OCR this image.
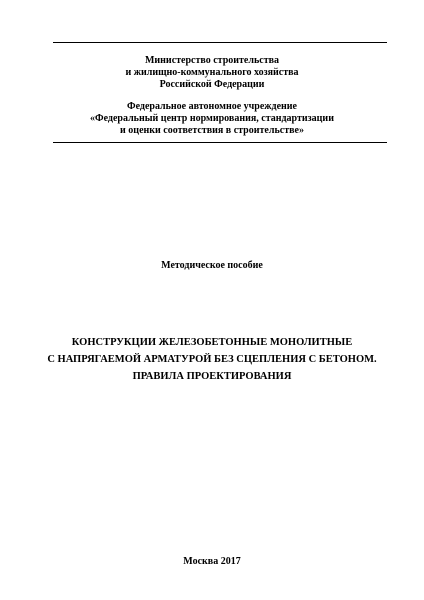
Министерство строительства
и жилищно-коммунального хозяйства
Российской Федерации
Федеральное автономное учреждение
«Федеральный центр нормирования, стандартизации
и оценки соответствия в строительстве»
Методическое пособие
КОНСТРУКЦИИ ЖЕЛЕЗОБЕТОННЫЕ МОНОЛИТНЫЕ
С НАПРЯГАЕМОЙ АРМАТУРОЙ БЕЗ СЦЕПЛЕНИЯ С БЕТОНОМ.
ПРАВИЛА ПРОЕКТИРОВАНИЯ
Москва 2017
